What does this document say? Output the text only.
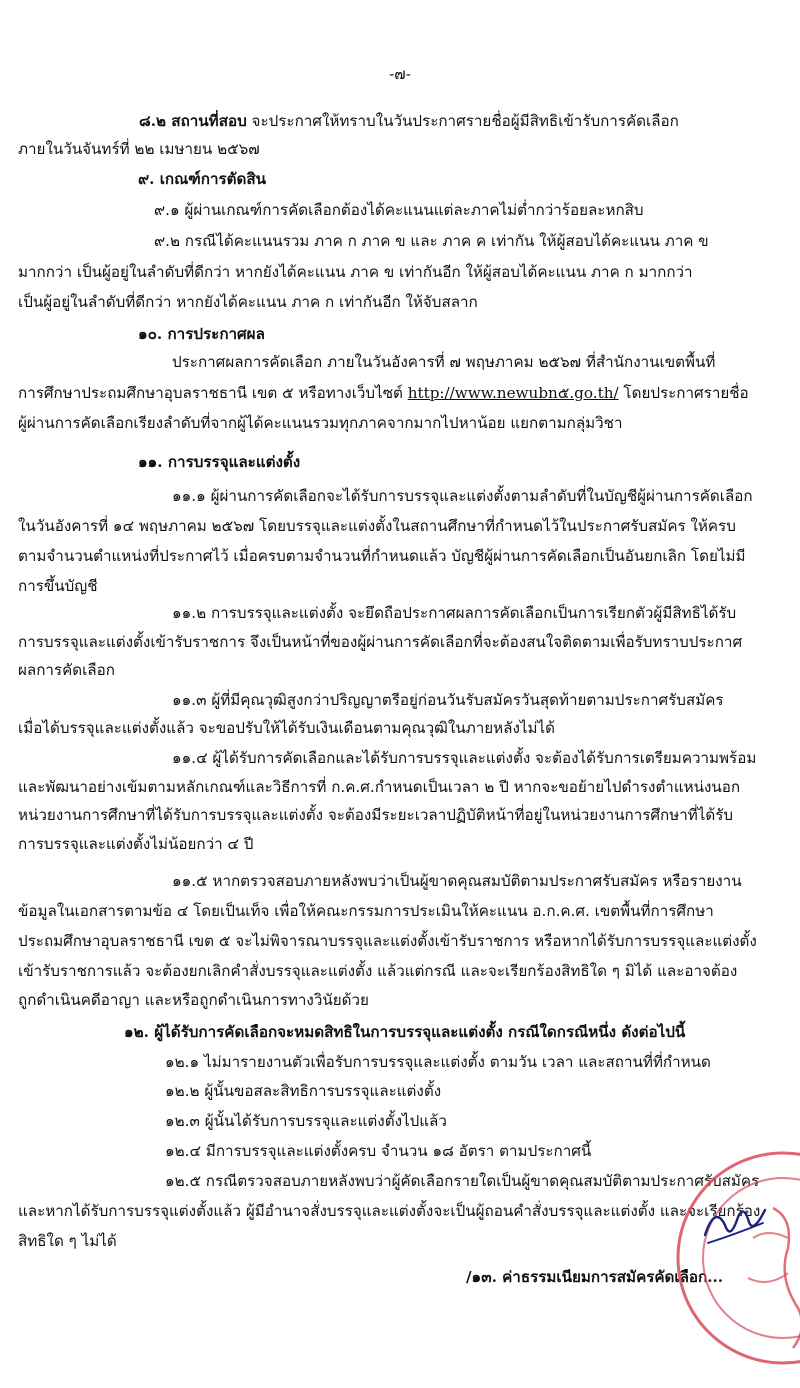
-๗-
๘.๒ สถานที่สอบ จะประกาศให้ทราบในวันประกาศรายชื่อผู้มีสิทธิเข้ารับการคัดเลือก
ภายในวันจันทร์ที่ ๒๒ เมษายน ๒๕๖๗
๙. เกณฑ์การตัดสิน
๙.๑ ผู้ผ่านเกณฑ์การคัดเลือกต้องได้คะแนนแต่ละภาคไม่ต่ำกว่าร้อยละหกสิบ
๙.๒ กรณีได้คะแนนรวม ภาค ก ภาค ข และ ภาค ค เท่ากัน ให้ผู้สอบได้คะแนน ภาค ข
มากกว่า เป็นผู้อยู่ในลำดับที่ดีกว่า หากยังได้คะแนน ภาค ข เท่ากันอีก ให้ผู้สอบได้คะแนน ภาค ก มากกว่า
เป็นผู้อยู่ในลำดับที่ดีกว่า หากยังได้คะแนน ภาค ก เท่ากันอีก ให้จับสลาก
๑๐. การประกาศผล
ประกาศผลการคัดเลือก ภายในวันอังคารที่ ๗ พฤษภาคม ๒๕๖๗ ที่สำนักงานเขตพื้นที่
การศึกษาประถมศึกษาอุบลราชธานี เขต ๕ หรือทางเว็บไซต์ http://www.newubn๕.go.th/ โดยประกาศรายชื่อ
ผู้ผ่านการคัดเลือกเรียงลำดับที่จากผู้ได้คะแนนรวมทุกภาคจากมากไปหาน้อย แยกตามกลุ่มวิชา
๑๑. การบรรจุและแต่งตั้ง
๑๑.๑ ผู้ผ่านการคัดเลือกจะได้รับการบรรจุและแต่งตั้งตามลำดับที่ในบัญชีผู้ผ่านการคัดเลือก
ในวันอังคารที่ ๑๔ พฤษภาคม ๒๕๖๗ โดยบรรจุและแต่งตั้งในสถานศึกษาที่กำหนดไว้ในประกาศรับสมัคร ให้ครบ
ตามจำนวนตำแหน่งที่ประกาศไว้ เมื่อครบตามจำนวนที่กำหนดแล้ว บัญชีผู้ผ่านการคัดเลือกเป็นอันยกเลิก โดยไม่มี
การขึ้นบัญชี
๑๑.๒ การบรรจุและแต่งตั้ง จะยึดถือประกาศผลการคัดเลือกเป็นการเรียกตัวผู้มีสิทธิได้รับ
การบรรจุและแต่งตั้งเข้ารับราชการ จึงเป็นหน้าที่ของผู้ผ่านการคัดเลือกที่จะต้องสนใจติดตามเพื่อรับทราบประกาศ
ผลการคัดเลือก
๑๑.๓ ผู้ที่มีคุณวุฒิสูงกว่าปริญญาตรีอยู่ก่อนวันรับสมัครวันสุดท้ายตามประกาศรับสมัคร
เมื่อได้บรรจุและแต่งตั้งแล้ว จะขอปรับให้ได้รับเงินเดือนตามคุณวุฒิในภายหลังไม่ได้
๑๑.๔ ผู้ได้รับการคัดเลือกและได้รับการบรรจุและแต่งตั้ง จะต้องได้รับการเตรียมความพร้อม
และพัฒนาอย่างเข้มตามหลักเกณฑ์และวิธีการที่ ก.ค.ศ.กำหนดเป็นเวลา ๒ ปี หากจะขอย้ายไปดำรงตำแหน่งนอก
หน่วยงานการศึกษาที่ได้รับการบรรจุและแต่งตั้ง จะต้องมีระยะเวลาปฏิบัติหน้าที่อยู่ในหน่วยงานการศึกษาที่ได้รับ
การบรรจุและแต่งตั้งไม่น้อยกว่า ๔ ปี
๑๑.๕ หากตรวจสอบภายหลังพบว่าเป็นผู้ขาดคุณสมบัติตามประกาศรับสมัคร หรือรายงาน
ข้อมูลในเอกสารตามข้อ ๔ โดยเป็นเท็จ เพื่อให้คณะกรรมการประเมินให้คะแนน อ.ก.ค.ศ. เขตพื้นที่การศึกษา
ประถมศึกษาอุบลราชธานี เขต ๕ จะไม่พิจารณาบรรจุและแต่งตั้งเข้ารับราชการ หรือหากได้รับการบรรจุและแต่งตั้ง
เข้ารับราชการแล้ว จะต้องยกเลิกคำสั่งบรรจุและแต่งตั้ง แล้วแต่กรณี และจะเรียกร้องสิทธิใด ๆ มิได้ และอาจต้อง
ถูกดำเนินคดีอาญา และหรือถูกดำเนินการทางวินัยด้วย
๑๒. ผู้ได้รับการคัดเลือกจะหมดสิทธิในการบรรจุและแต่งตั้ง กรณีใดกรณีหนึ่ง ดังต่อไปนี้
๑๒.๑ ไม่มารายงานตัวเพื่อรับการบรรจุและแต่งตั้ง ตามวัน เวลา และสถานที่ที่กำหนด
๑๒.๒ ผู้นั้นขอสละสิทธิการบรรจุและแต่งตั้ง
๑๒.๓ ผู้นั้นได้รับการบรรจุและแต่งตั้งไปแล้ว
๑๒.๔ มีการบรรจุและแต่งตั้งครบ จำนวน ๑๘ อัตรา ตามประกาศนี้
๑๒.๕ กรณีตรวจสอบภายหลังพบว่าผู้คัดเลือกรายใดเป็นผู้ขาดคุณสมบัติตามประกาศรับสมัคร
และหากได้รับการบรรจุแต่งตั้งแล้ว ผู้มีอำนาจสั่งบรรจุและแต่งตั้งจะเป็นผู้ถอนคำสั่งบรรจุและแต่งตั้ง และจะเรียกร้อง
สิทธิใด ๆ ไม่ได้
/๑๓. ค่าธรรมเนียมการสมัครคัดเลือก...
